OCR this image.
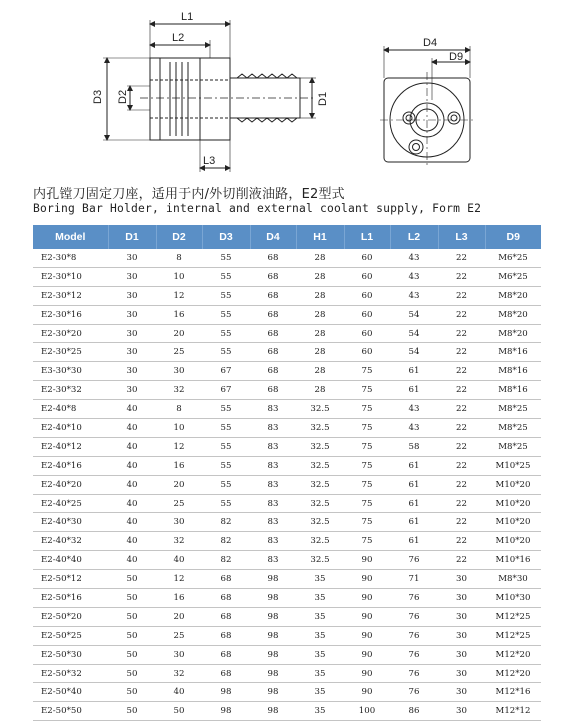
L1
L2
L3
D3 D2	D1
D4
D9
内孔镗刀固定刀座，适用于内/外切削液油路，E2型式
Boring Bar Holder, internal and external coolant supply, Form E2
Model	D1	D2	D3	D4	H1	L1	L2	L3	D9
E2-30*8	30	8	55	68	28	60	43	22	M6*25
E2-30*10	30	10	55	68	28	60	43	22	M6*25
E2-30*12	30	12	55	68	28	60	43	22	M8*20
E2-30*16	30	16	55	68	28	60	54	22	M8*20
E2-30*20	30	20	55	68	28	60	54	22	M8*20
E2-30*25	30	25	55	68	28	60	54	22	M8*16
E3-30*30	30	30	67	68	28	75	61	22	M8*16
E2-30*32	30	32	67	68	28	75	61	22	M8*16
E2-40*8	40	8	55	83	32.5	75	43	22	M8*25
E2-40*10	40	10	55	83	32.5	75	43	22	M8*25
E2-40*12	40	12	55	83	32.5	75	58	22	M8*25
E2-40*16	40	16	55	83	32.5	75	61	22	M10*25
E2-40*20	40	20	55	83	32.5	75	61	22	M10*20
E2-40*25	40	25	55	83	32.5	75	61	22	M10*20
E2-40*30	40	30	82	83	32.5	75	61	22	M10*20
E2-40*32	40	32	82	83	32.5	75	61	22	M10*20
E2-40*40	40	40	82	83	32.5	90	76	22	M10*16
E2-50*12	50	12	68	98	35	90	71	30	M8*30
E2-50*16	50	16	68	98	35	90	76	30	M10*30
E2-50*20	50	20	68	98	35	90	76	30	M12*25
E2-50*25	50	25	68	98	35	90	76	30	M12*25
E2-50*30	50	30	68	98	35	90	76	30	M12*20
E2-50*32	50	32	68	98	35	90	76	30	M12*20
E2-50*40	50	40	98	98	35	90	76	30	M12*16
E2-50*50	50	50	98	98	35	100	86	30	M12*12
